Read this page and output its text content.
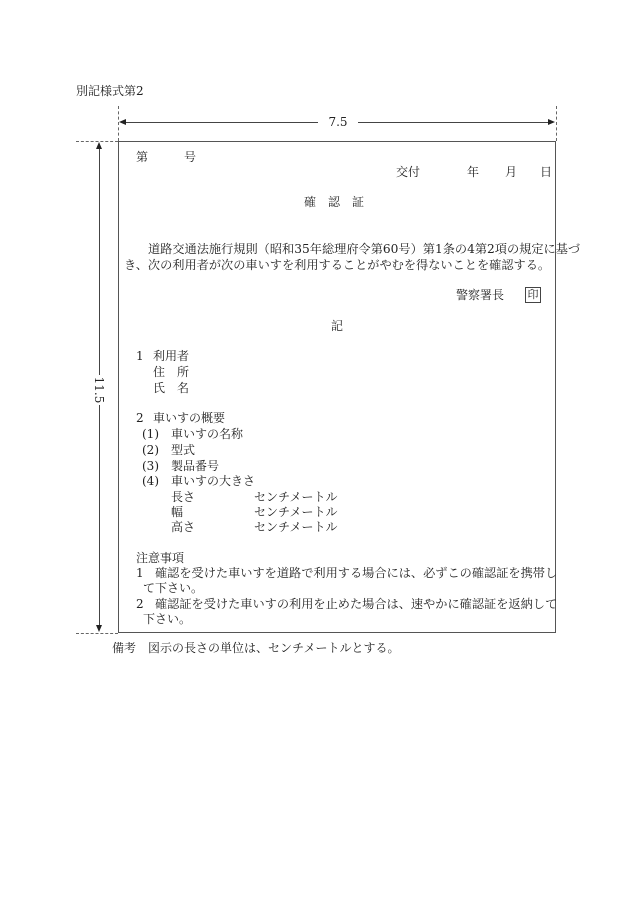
別記様式第2
7.5
11.5
第	号
交付	年 月 日
確　認　証
道路交通法施行規則（昭和35年総理府令第60号）第1条の4第2項の規定に基づ
き、次の利用者が次の車いすを利用することがやむを得ないことを確認する。
警察署長 印
記
1 利用者
住　所
氏　名
2 車いすの概要
(1) 車いすの名称
(2) 型式
(3) 製品番号
(4) 車いすの大きさ
長さ	センチメートル
幅	センチメートル
高さ	センチメートル
注意事項
1 確認を受けた車いすを道路で利用する場合には、必ずこの確認証を携帯し
て下さい。
2 確認証を受けた車いすの利用を止めた場合は、速やかに確認証を返納して
下さい。
備考　図示の長さの単位は、センチメートルとする。
